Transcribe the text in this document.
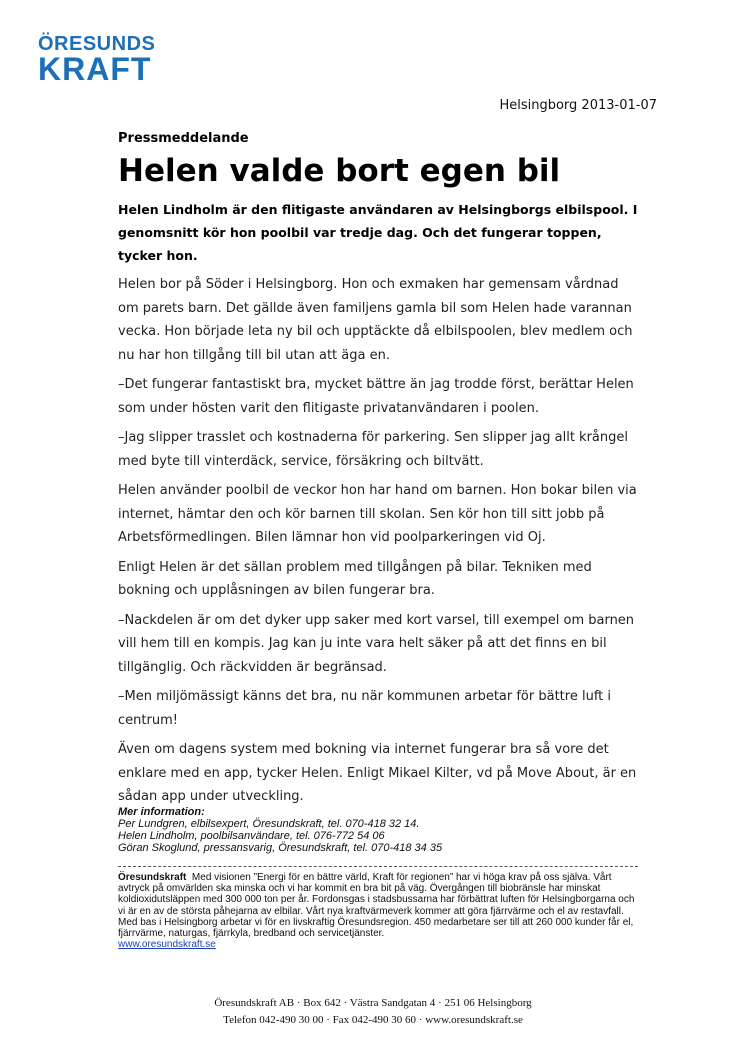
ÖRESUNDS
KRAFT
Helsingborg 2013-01-07
Pressmeddelande
Helen valde bort egen bil
Helen Lindholm är den flitigaste användaren av Helsingborgs elbilspool. I genomsnitt kör hon poolbil var tredje dag. Och det fungerar toppen, tycker hon.

Helen bor på Söder i Helsingborg. Hon och exmaken har gemensam vårdnad om parets barn. Det gällde även familjens gamla bil som Helen hade varannan vecka. Hon började leta ny bil och upptäckte då elbilspoolen, blev medlem och nu har hon tillgång till bil utan att äga en.

–Det fungerar fantastiskt bra, mycket bättre än jag trodde först, berättar Helen som under hösten varit den flitigaste privatanvändaren i poolen.

–Jag slipper trasslet och kostnaderna för parkering. Sen slipper jag allt krångel med byte till vinterdäck, service, försäkring och biltvätt.

Helen använder poolbil de veckor hon har hand om barnen. Hon bokar bilen via internet, hämtar den och kör barnen till skolan. Sen kör hon till sitt jobb på Arbetsförmedlingen. Bilen lämnar hon vid poolparkeringen vid Oj.

Enligt Helen är det sällan problem med tillgången på bilar. Tekniken med bokning och upplåsningen av bilen fungerar bra.

–Nackdelen är om det dyker upp saker med kort varsel, till exempel om barnen vill hem till en kompis. Jag kan ju inte vara helt säker på att det finns en bil tillgänglig. Och räckvidden är begränsad.

–Men miljömässigt känns det bra, nu när kommunen arbetar för bättre luft i centrum!

Även om dagens system med bokning via internet fungerar bra så vore det enklare med en app, tycker Helen. Enligt Mikael Kilter, vd på Move About, är en sådan app under utveckling.

Mer information:
Per Lundgren, elbilsexpert, Öresundskraft, tel. 070-418 32 14.
Helen Lindholm, poolbilsanvändare, tel. 076-772 54 06
Göran Skoglund, pressansvarig, Öresundskraft, tel. 070-418 34 35
Öresundskraft Med visionen ”Energi för en bättre värld, Kraft för regionen” har vi höga krav på oss själva. Vårt avtryck på omvärlden ska minska och vi har kommit en bra bit på väg. Övergången till biobränsle har minskat koldioxidutsläppen med 300 000 ton per år. Fordonsgas i stadsbussarna har förbättrat luften för Helsingborgarna och vi är en av de största påhejarna av elbilar. Vårt nya kraftvärmeverk kommer att göra fjärrvärme och el av restavfall.
Med bas i Helsingborg arbetar vi för en livskraftig Öresundsregion. 450 medarbetare ser till att 260 000 kunder får el, fjärrvärme, naturgas, fjärrkyla, bredband och servicetjänster.
www.oresundskraft.se
Öresundskraft AB · Box 642 · Västra Sandgatan 4 · 251 06 Helsingborg
Telefon 042-490 30 00 · Fax 042-490 30 60 · www.oresundskraft.se
